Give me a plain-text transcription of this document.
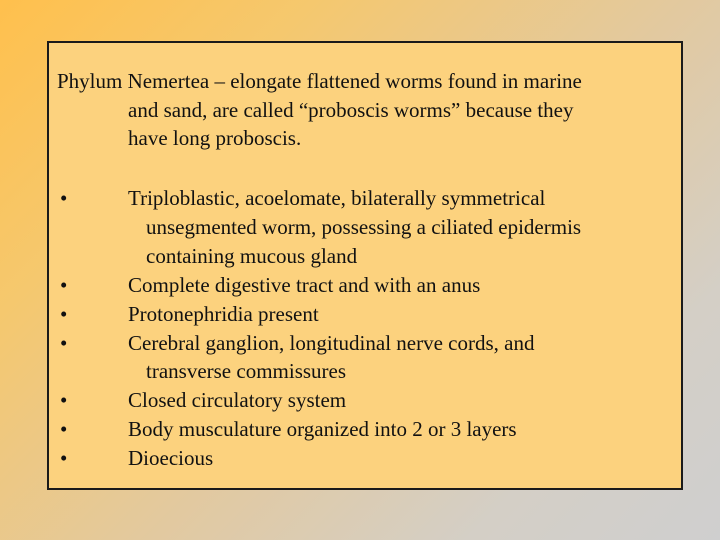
Phylum Nemertea – elongate flattened worms found in marine
and sand, are called “proboscis worms” because they
have long proboscis.

•	Triploblastic, acoelomate, bilaterally symmetrical
unsegmented worm, possessing a ciliated epidermis
containing mucous gland
•	Complete digestive tract and with an anus
•	Protonephridia present
•	Cerebral ganglion, longitudinal nerve cords, and
transverse commissures
•	Closed circulatory system
•	Body musculature organized into 2 or 3 layers
•	Dioecious
